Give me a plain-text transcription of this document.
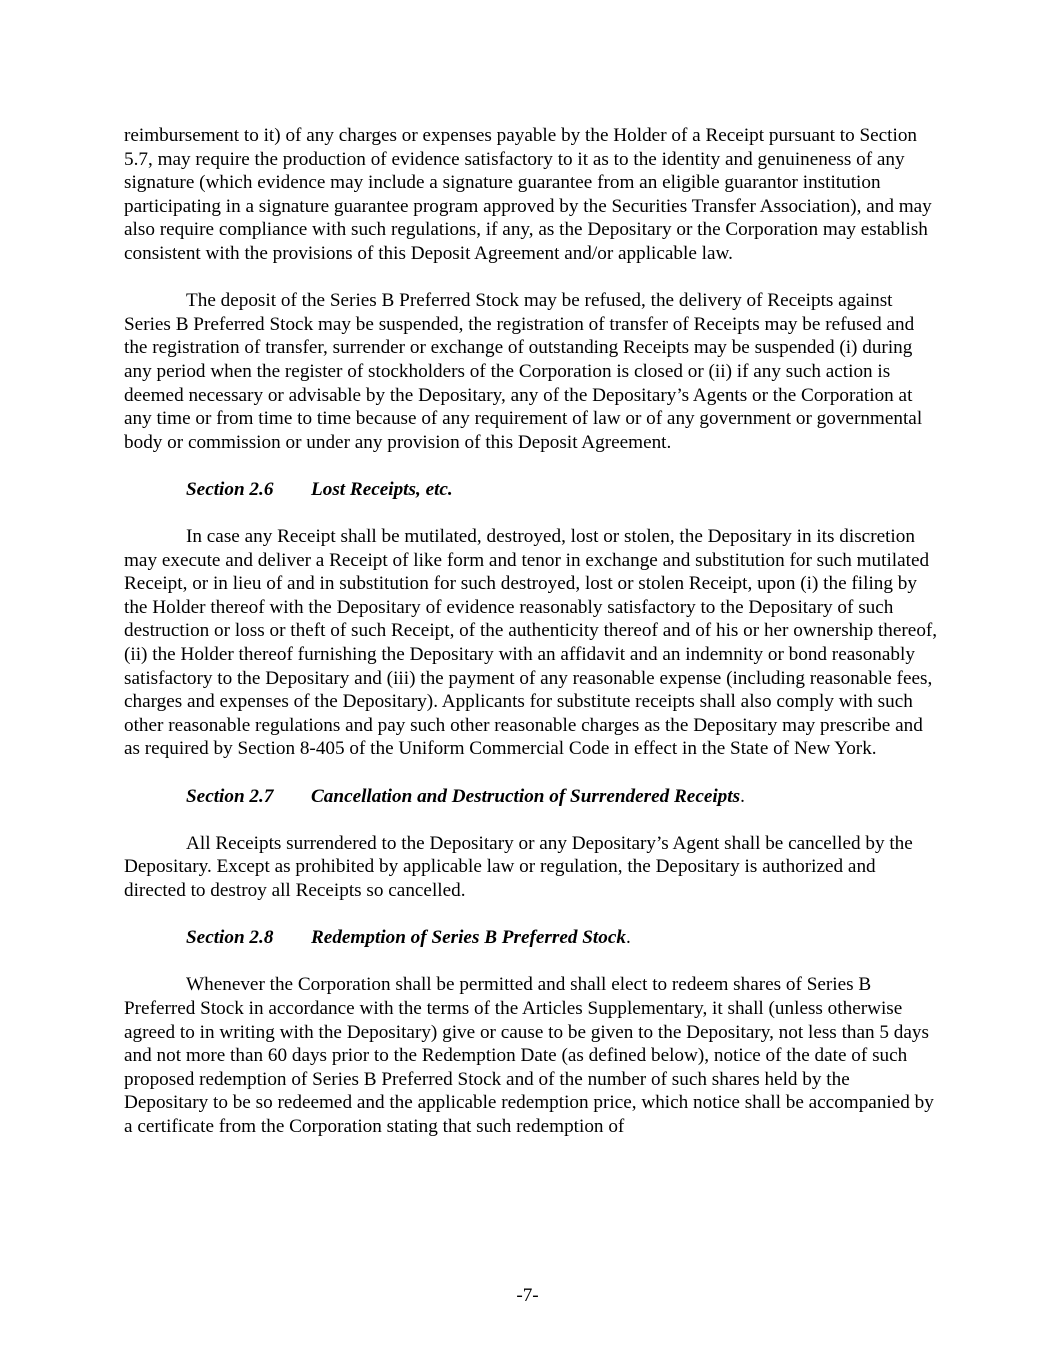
reimbursement to it) of any charges or expenses payable by the Holder of a Receipt pursuant to Section 5.7, may require the production of evidence satisfactory to it as to the identity and genuineness of any signature (which evidence may include a signature guarantee from an eligible guarantor institution participating in a signature guarantee program approved by the Securities Transfer Association), and may also require compliance with such regulations, if any, as the Depositary or the Corporation may establish consistent with the provisions of this Deposit Agreement and/or applicable law.

The deposit of the Series B Preferred Stock may be refused, the delivery of Receipts against Series B Preferred Stock may be suspended, the registration of transfer of Receipts may be refused and the registration of transfer, surrender or exchange of outstanding Receipts may be suspended (i) during any period when the register of stockholders of the Corporation is closed or (ii) if any such action is deemed necessary or advisable by the Depositary, any of the Depositary’s Agents or the Corporation at any time or from time to time because of any requirement of law or of any government or governmental body or commission or under any provision of this Deposit Agreement.

Section 2.6 Lost Receipts, etc.

In case any Receipt shall be mutilated, destroyed, lost or stolen, the Depositary in its discretion may execute and deliver a Receipt of like form and tenor in exchange and substitution for such mutilated Receipt, or in lieu of and in substitution for such destroyed, lost or stolen Receipt, upon (i) the filing by the Holder thereof with the Depositary of evidence reasonably satisfactory to the Depositary of such destruction or loss or theft of such Receipt, of the authenticity thereof and of his or her ownership thereof, (ii) the Holder thereof furnishing the Depositary with an affidavit and an indemnity or bond reasonably satisfactory to the Depositary and (iii) the payment of any reasonable expense (including reasonable fees, charges and expenses of the Depositary). Applicants for substitute receipts shall also comply with such other reasonable regulations and pay such other reasonable charges as the Depositary may prescribe and as required by Section 8-405 of the Uniform Commercial Code in effect in the State of New York.

Section 2.7 Cancellation and Destruction of Surrendered Receipts.

All Receipts surrendered to the Depositary or any Depositary’s Agent shall be cancelled by the Depositary. Except as prohibited by applicable law or regulation, the Depositary is authorized and directed to destroy all Receipts so cancelled.

Section 2.8 Redemption of Series B Preferred Stock.

Whenever the Corporation shall be permitted and shall elect to redeem shares of Series B Preferred Stock in accordance with the terms of the Articles Supplementary, it shall (unless otherwise agreed to in writing with the Depositary) give or cause to be given to the Depositary, not less than 5 days and not more than 60 days prior to the Redemption Date (as defined below), notice of the date of such proposed redemption of Series B Preferred Stock and of the number of such shares held by the Depositary to be so redeemed and the applicable redemption price, which notice shall be accompanied by a certificate from the Corporation stating that such redemption of

-7-
